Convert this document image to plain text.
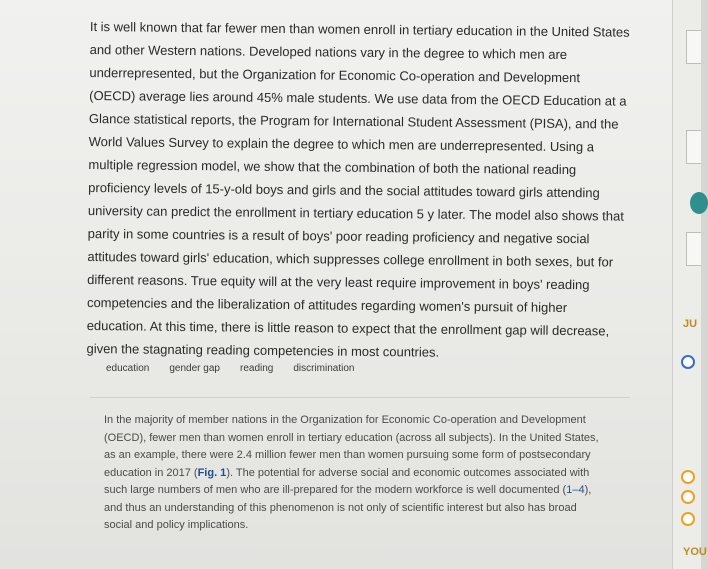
It is well known that far fewer men than women enroll in tertiary education in the United States and other Western nations. Developed nations vary in the degree to which men are underrepresented, but the Organization for Economic Co-operation and Development (OECD) average lies around 45% male students. We use data from the OECD Education at a Glance statistical reports, the Program for International Student Assessment (PISA), and the World Values Survey to explain the degree to which men are underrepresented. Using a multiple regression model, we show that the combination of both the national reading proficiency levels of 15-y-old boys and girls and the social attitudes toward girls attending university can predict the enrollment in tertiary education 5 y later. The model also shows that parity in some countries is a result of boys' poor reading proficiency and negative social attitudes toward girls' education, which suppresses college enrollment in both sexes, but for different reasons. True equity will at the very least require improvement in boys' reading competencies and the liberalization of attitudes regarding women's pursuit of higher education. At this time, there is little reason to expect that the enrollment gap will decrease, given the stagnating reading competencies in most countries.

education gender gap reading discrimination

In the majority of member nations in the Organization for Economic Co-operation and Development (OECD), fewer men than women enroll in tertiary education (across all subjects). In the United States, as an example, there were 2.4 million fewer men than women pursuing some form of postsecondary education in 2017 (Fig. 1). The potential for adverse social and economic outcomes associated with such large numbers of men who are ill-prepared for the modern workforce is well documented (1–4), and thus an understanding of this phenomenon is not only of scientific interest but also has broad social and policy implications.

JU
YOU
